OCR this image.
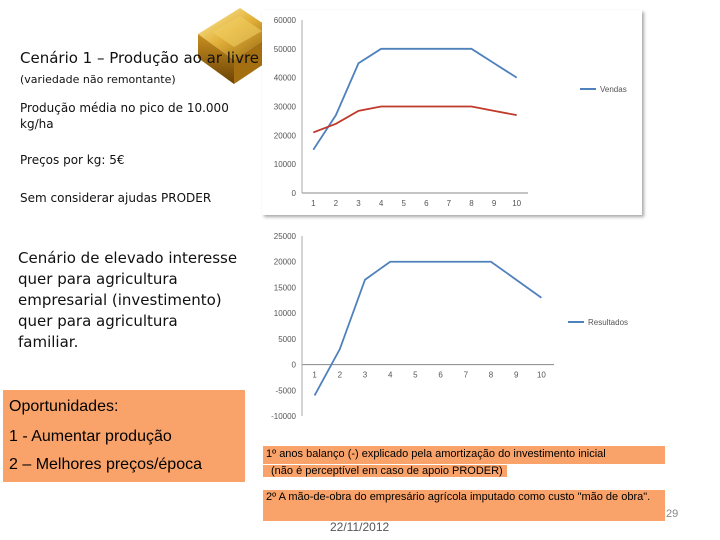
Cenário 1 – Produção ao ar livre
(variedade não remontante)
Produção média no pico de 10.000 kg/ha
Preços por kg: 5€
Sem considerar ajudas PRODER
Cenário de elevado interesse quer para agricultura empresarial (investimento) quer para agricultura familiar.
0
10000
20000
30000
40000
50000
60000
1 2 3 4 5 6 7 8 9 10
Vendas
-10000
-5000
0
5000
10000
15000
20000
25000
1	2	3	4	5	6	7	8	9 10
Resultados
Oportunidades:
1 - Aumentar produção
2 – Melhores preços/época
1º anos balanço (-) explicado pela amortização do investimento inicial
(não é perceptível em caso de apoio PRODER)
2º A mão-de-obra do empresário agrícola imputado como custo "mão de obra".
22/11/2012
29
